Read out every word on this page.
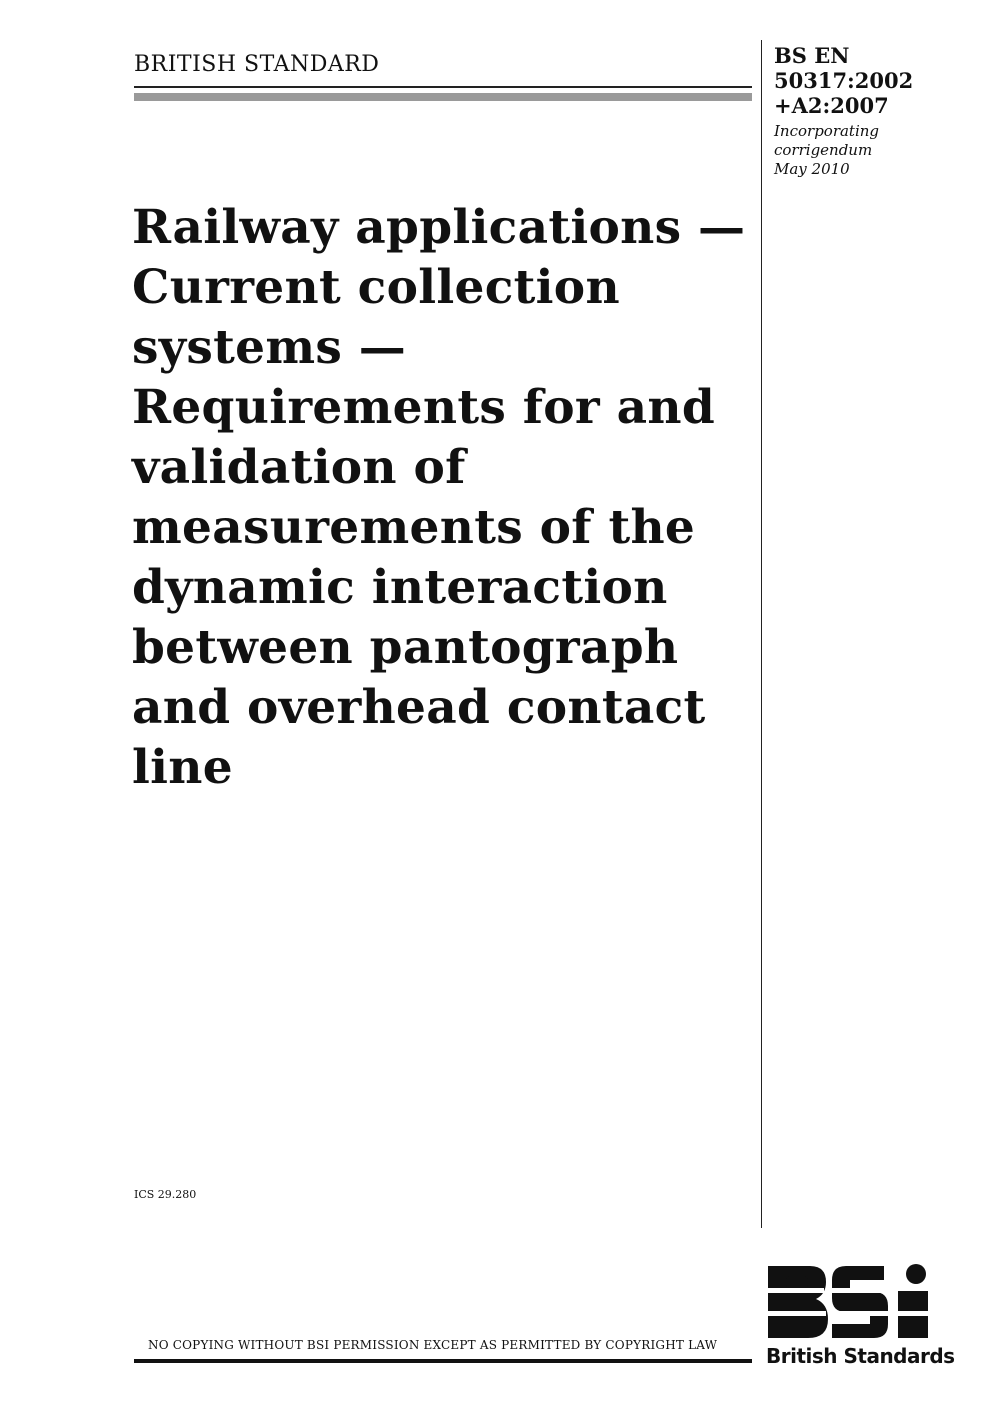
BRITISH STANDARD	BS EN
50317:2002
+A2:2007
Incorporating
corrigendum
May 2010
Railway applications —
Current collection
systems —
Requirements for and
validation of
measurements of the
dynamic interaction
between pantograph
and overhead contact
line
ICS 29.280
NO COPYING WITHOUT BSI PERMISSION EXCEPT AS PERMITTED BY COPYRIGHT LAW British Standards
